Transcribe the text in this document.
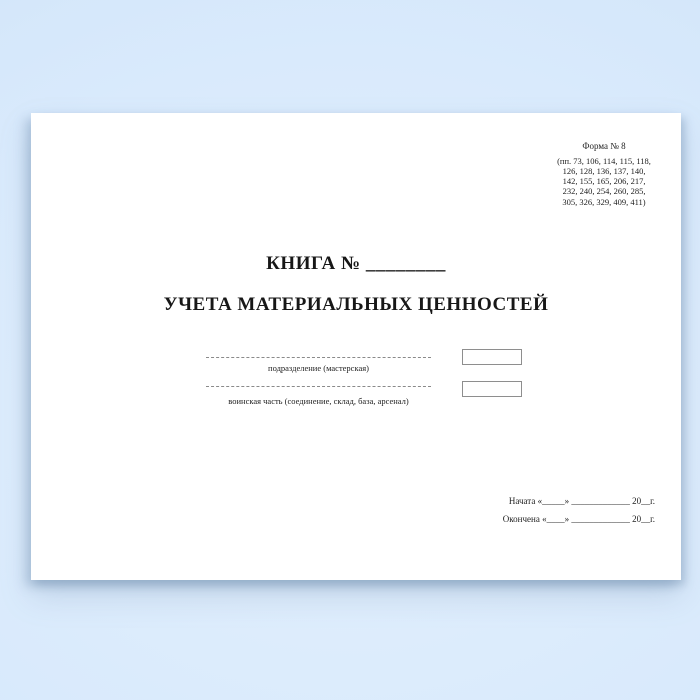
Форма № 8
(пп. 73, 106, 114, 115, 118,
126, 128, 136, 137, 140,
142, 155, 165, 206, 217,
232, 240, 254, 260, 285,
305, 326, 329, 409, 411)
КНИГА № ________
УЧЕТА МАТЕРИАЛЬНЫХ ЦЕННОСТЕЙ
подразделение (мастерская)
воинская часть (соединение, склад, база, арсенал)
Начата «_____» _____________ 20__г.
Окончена «____» _____________ 20__г.
